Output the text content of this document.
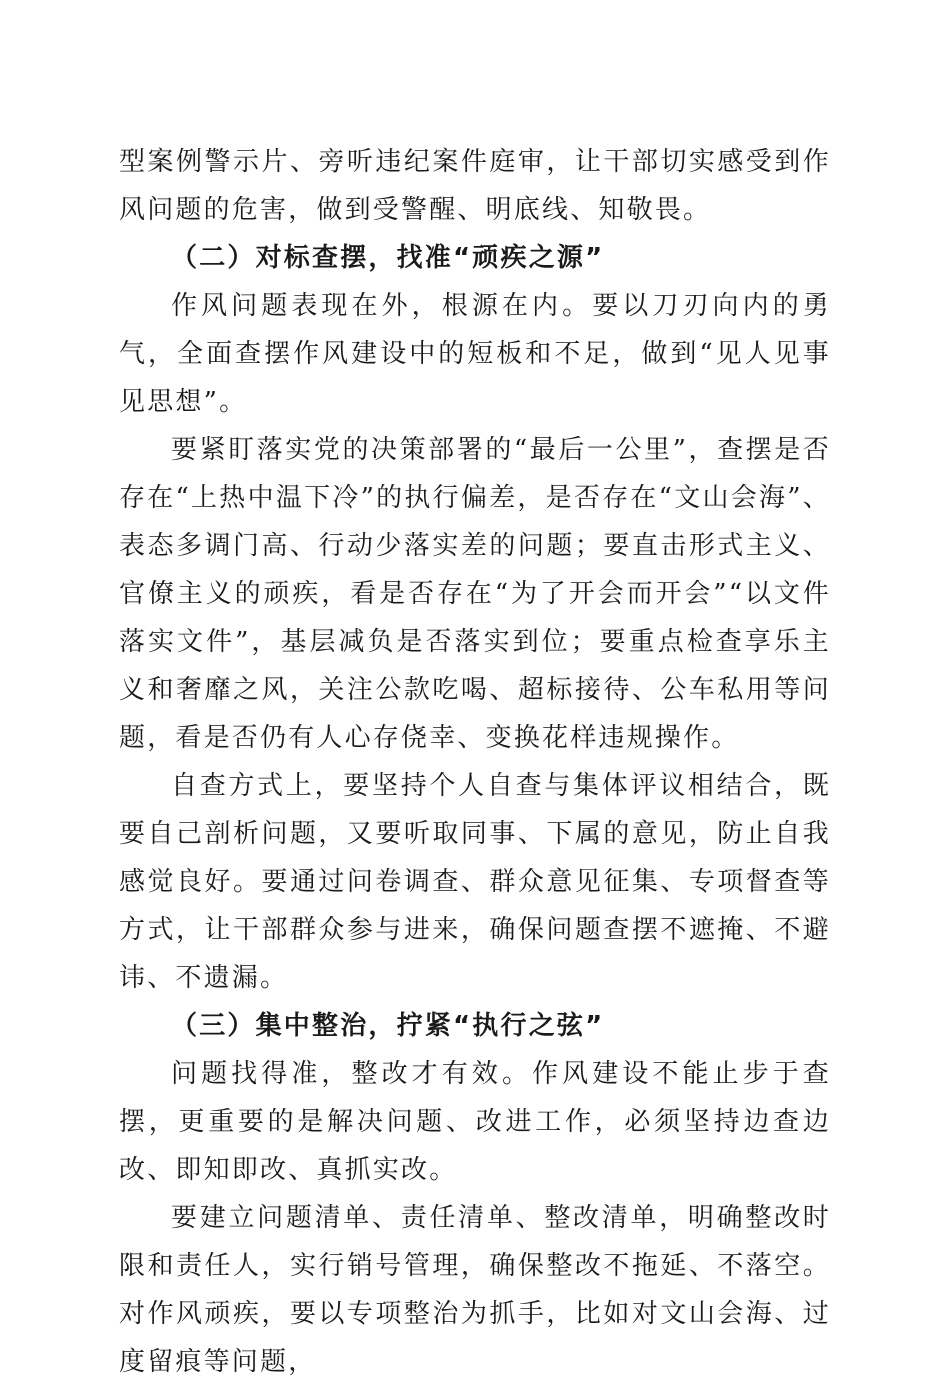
型案例警示片、旁听违纪案件庭审，让干部切实感受到作风问题的危害，做到受警醒、明底线、知敬畏。

（二）对标查摆，找准“顽疾之源”

作风问题表现在外，根源在内。要以刀刃向内的勇气，全面查摆作风建设中的短板和不足，做到“见人见事见思想”。

要紧盯落实党的决策部署的“最后一公里”，查摆是否存在“上热中温下冷”的执行偏差，是否存在“文山会海”、表态多调门高、行动少落实差的问题；要直击形式主义、官僚主义的顽疾，看是否存在“为了开会而开会”“以文件落实文件”，基层减负是否落实到位；要重点检查享乐主义和奢靡之风，关注公款吃喝、超标接待、公车私用等问题，看是否仍有人心存侥幸、变换花样违规操作。

自查方式上，要坚持个人自查与集体评议相结合，既要自己剖析问题，又要听取同事、下属的意见，防止自我感觉良好。要通过问卷调查、群众意见征集、专项督查等方式，让干部群众参与进来，确保问题查摆不遮掩、不避讳、不遗漏。

（三）集中整治，拧紧“执行之弦”

问题找得准，整改才有效。作风建设不能止步于查摆，更重要的是解决问题、改进工作，必须坚持边查边改、即知即改、真抓实改。

要建立问题清单、责任清单、整改清单，明确整改时限和责任人，实行销号管理，确保整改不拖延、不落空。对作风顽疾，要以专项整治为抓手，比如对文山会海、过度留痕等问题，
